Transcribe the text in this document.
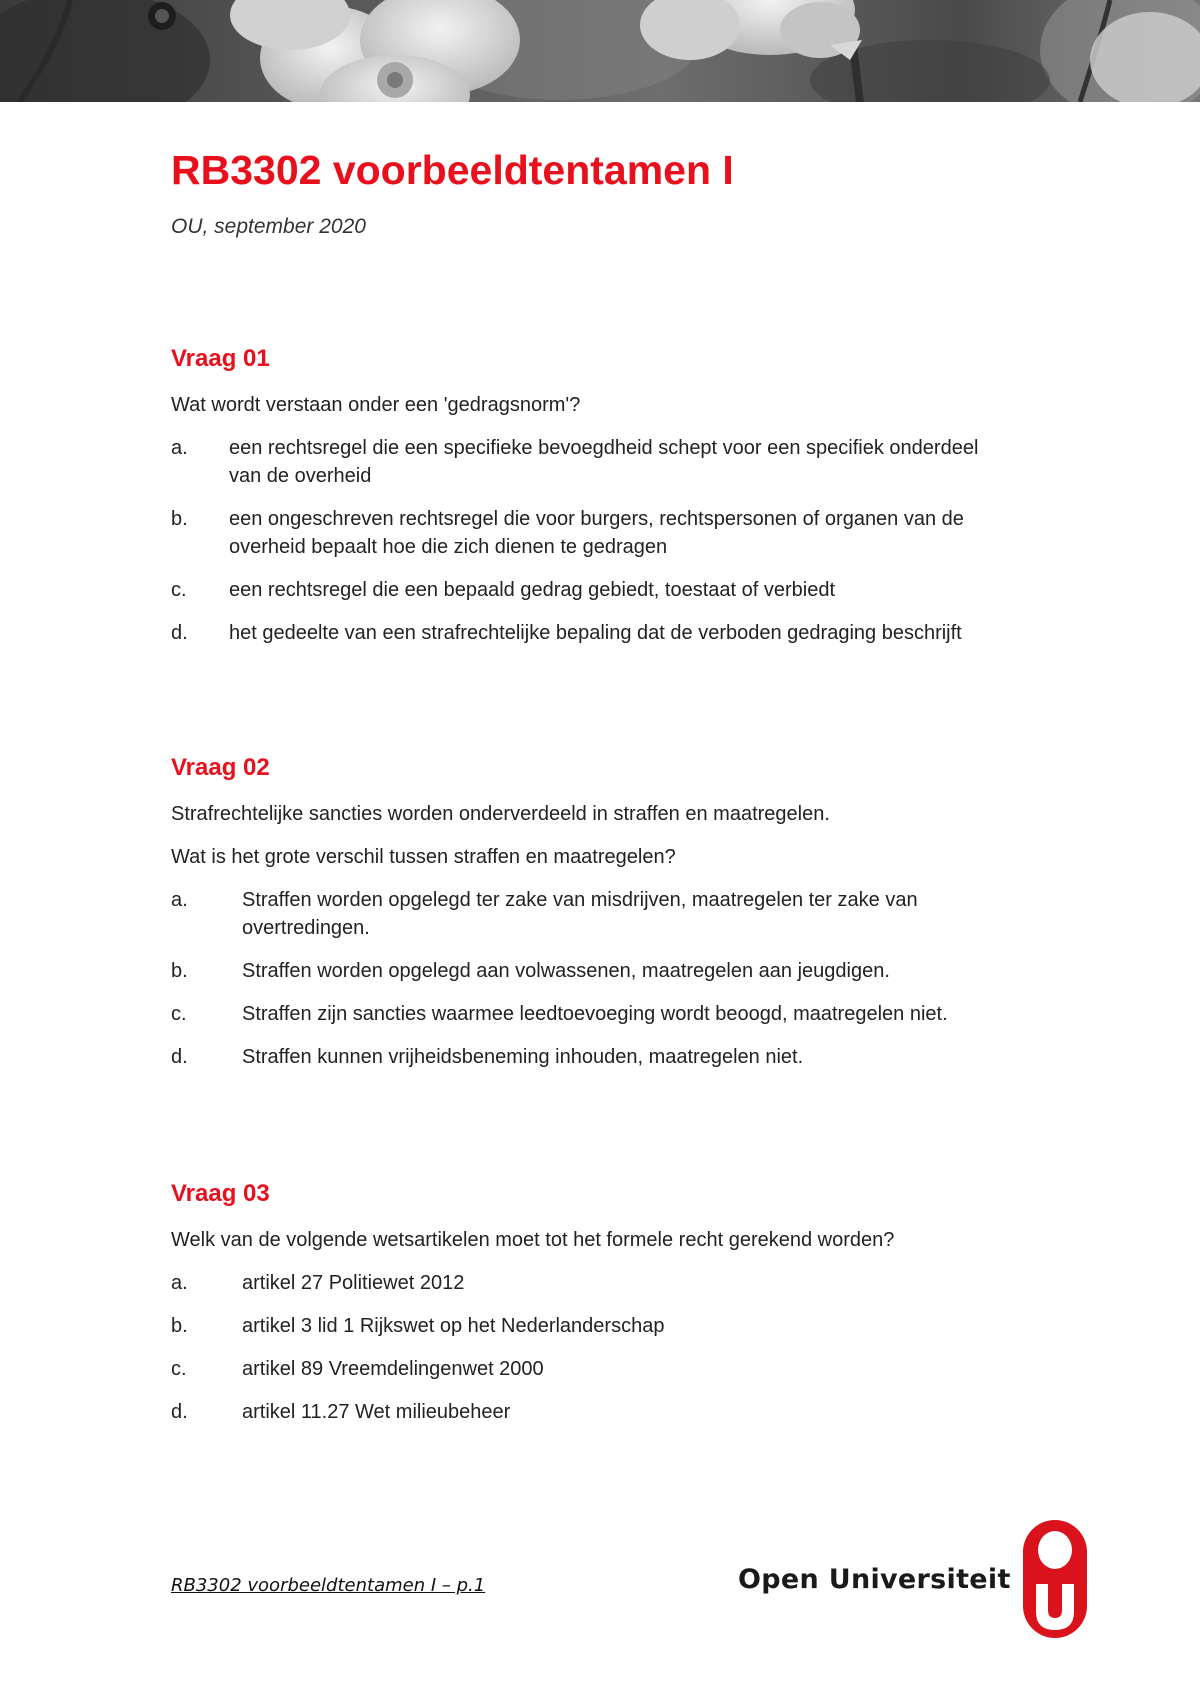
RB3302 voorbeeldtentamen I

OU, september 2020

Vraag 01

Wat wordt verstaan onder een 'gedragsnorm'?

a. een rechtsregel die een specifieke bevoegdheid schept voor een specifiek onderdeel van de overheid
b. een ongeschreven rechtsregel die voor burgers, rechtspersonen of organen van de overheid bepaalt hoe die zich dienen te gedragen
c. een rechtsregel die een bepaald gedrag gebiedt, toestaat of verbiedt
d. het gedeelte van een strafrechtelijke bepaling dat de verboden gedraging beschrijft
Vraag 02

Strafrechtelijke sancties worden onderverdeeld in straffen en maatregelen.

Wat is het grote verschil tussen straffen en maatregelen?

a.	Straffen worden opgelegd ter zake van misdrijven, maatregelen ter zake van overtredingen.
b.	Straffen worden opgelegd aan volwassenen, maatregelen aan jeugdigen.
c.	Straffen zijn sancties waarmee leedtoevoeging wordt beoogd, maatregelen niet.
d.	Straffen kunnen vrijheidsbeneming inhouden, maatregelen niet.
Vraag 03

Welk van de volgende wetsartikelen moet tot het formele recht gerekend worden?

a.	artikel 27 Politiewet 2012
b.	artikel 3 lid 1 Rijkswet op het Nederlanderschap
c.	artikel 89 Vreemdelingenwet 2000
d.	artikel 11.27 Wet milieubeheer

RB3302 voorbeeldtentamen I – p.1	Open Universiteit
